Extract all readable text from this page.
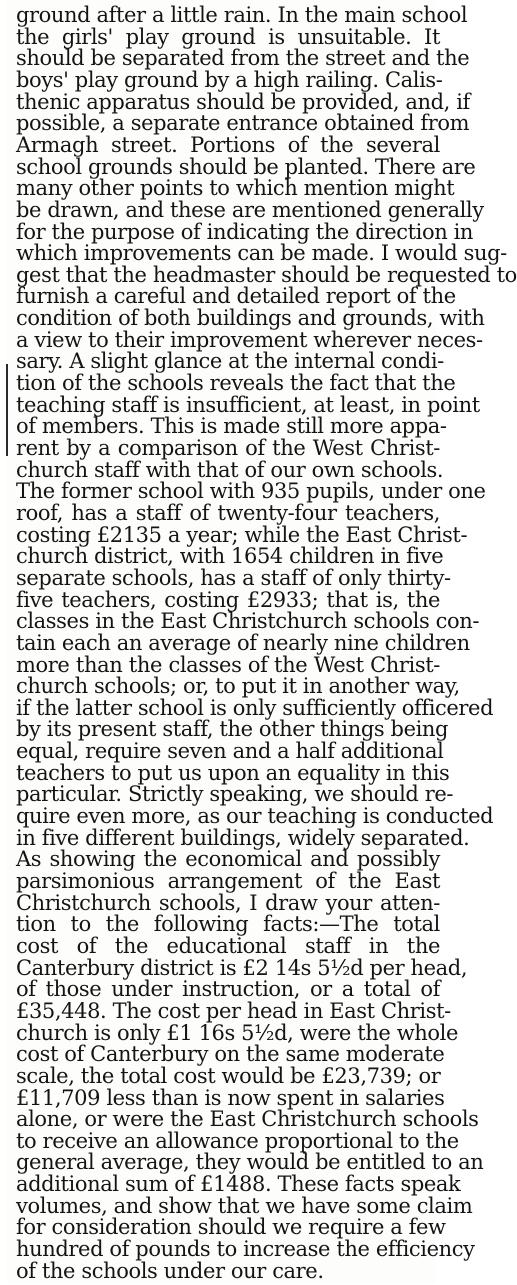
ground after a little rain. In the main school
the girls' play ground is unsuitable. It
should be separated from the street and the
boys' play ground by a high railing. Calis-
thenic apparatus should be provided, and, if
possible, a separate entrance obtained from
Armagh street. Portions of the several
school grounds should be planted. There are
many other points to which mention might
be drawn, and these are mentioned generally
for the purpose of indicating the direction in
which improvements can be made. I would sug-
gest that the headmaster should be requested to
furnish a careful and detailed report of the
condition of both buildings and grounds, with
a view to their improvement wherever neces-
sary. A slight glance at the internal condi-
tion of the schools reveals the fact that the
teaching staff is insufficient, at least, in point
of members. This is made still more appa-
rent by a comparison of the West Christ-
church staff with that of our own schools.
The former school with 935 pupils, under one
roof, has a staff of twenty-four teachers,
costing £2135 a year; while the East Christ-
church district, with 1654 children in five
separate schools, has a staff of only thirty-
five teachers, costing £2933; that is, the
classes in the East Christchurch schools con-
tain each an average of nearly nine children
more than the classes of the West Christ-
church schools; or, to put it in another way,
if the latter school is only sufficiently officered
by its present staff, the other things being
equal, require seven and a half additional
teachers to put us upon an equality in this
particular. Strictly speaking, we should re-
quire even more, as our teaching is conducted
in five different buildings, widely separated.
As showing the economical and possibly
parsimonious arrangement of the East
Christchurch schools, I draw your atten-
tion to the following facts:—The total
cost of the educational staff in the
Canterbury district is £2 14s 5½d per head,
of those under instruction, or a total of
£35,448. The cost per head in East Christ-
church is only £1 16s 5½d, were the whole
cost of Canterbury on the same moderate
scale, the total cost would be £23,739; or
£11,709 less than is now spent in salaries
alone, or were the East Christchurch schools
to receive an allowance proportional to the
general average, they would be entitled to an
additional sum of £1488. These facts speak
volumes, and show that we have some claim
for consideration should we require a few
hundred of pounds to increase the efficiency
of the schools under our care.
